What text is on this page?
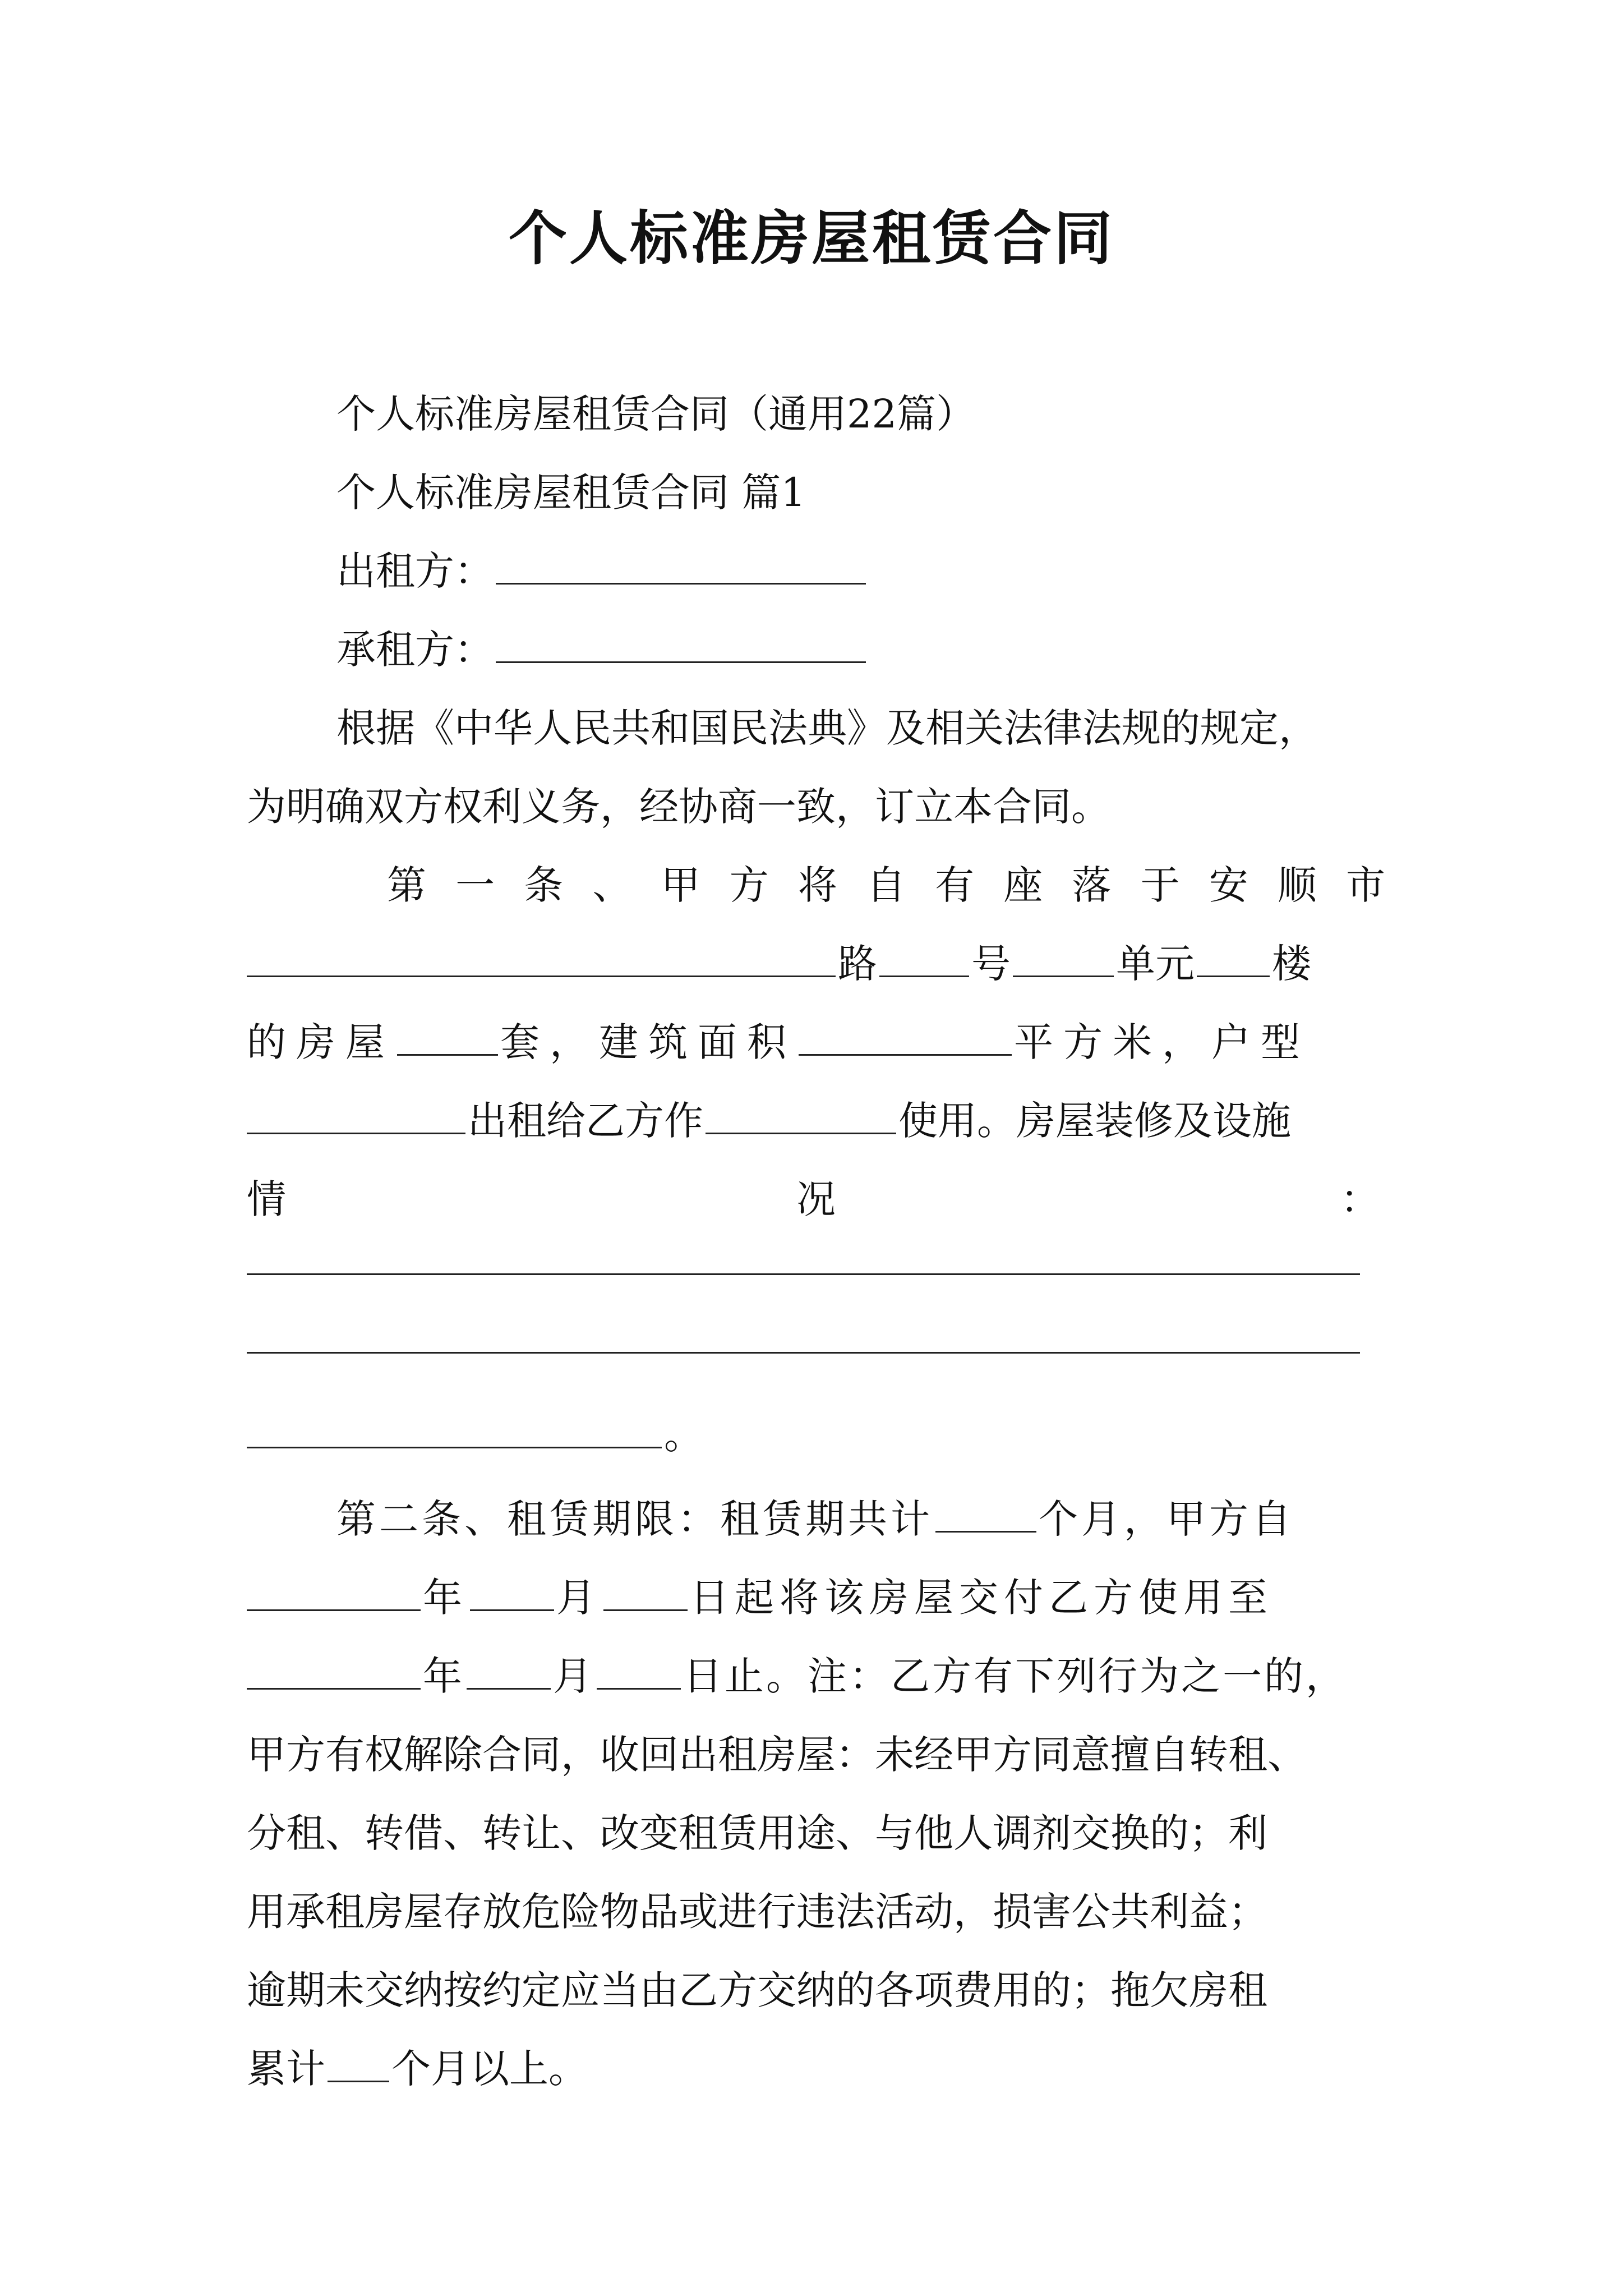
个人标准房屋租赁合同
个人标准房屋租赁合同（通用22篇）
个人标准房屋租赁合同 篇1
出租方：
承租方：
根据《中华人民共和国民法典》及相关法律法规的规定，
为明确双方权利义务，经协商一致，订立本合同。
第 一 条 、 甲 方 将 自 有 座 落 于 安 顺 市
路 号	单元 楼
的房屋	套，建筑面积	平方米，户型
出租给乙方作	使用。房屋装修及设施
情	况	：
。
第二条、租赁期限：租赁期共计	个月，甲方自
年 月 日起将该房屋交付乙方使用至
年 月 日止。注：乙方有下列行为之一的，
甲方有权解除合同，收回出租房屋：未经甲方同意擅自转租、
分租、转借、转让、改变租赁用途、与他人调剂交换的；利
用承租房屋存放危险物品或进行违法活动，损害公共利益；
逾期未交纳按约定应当由乙方交纳的各项费用的；拖欠房租
累计 个月以上。
